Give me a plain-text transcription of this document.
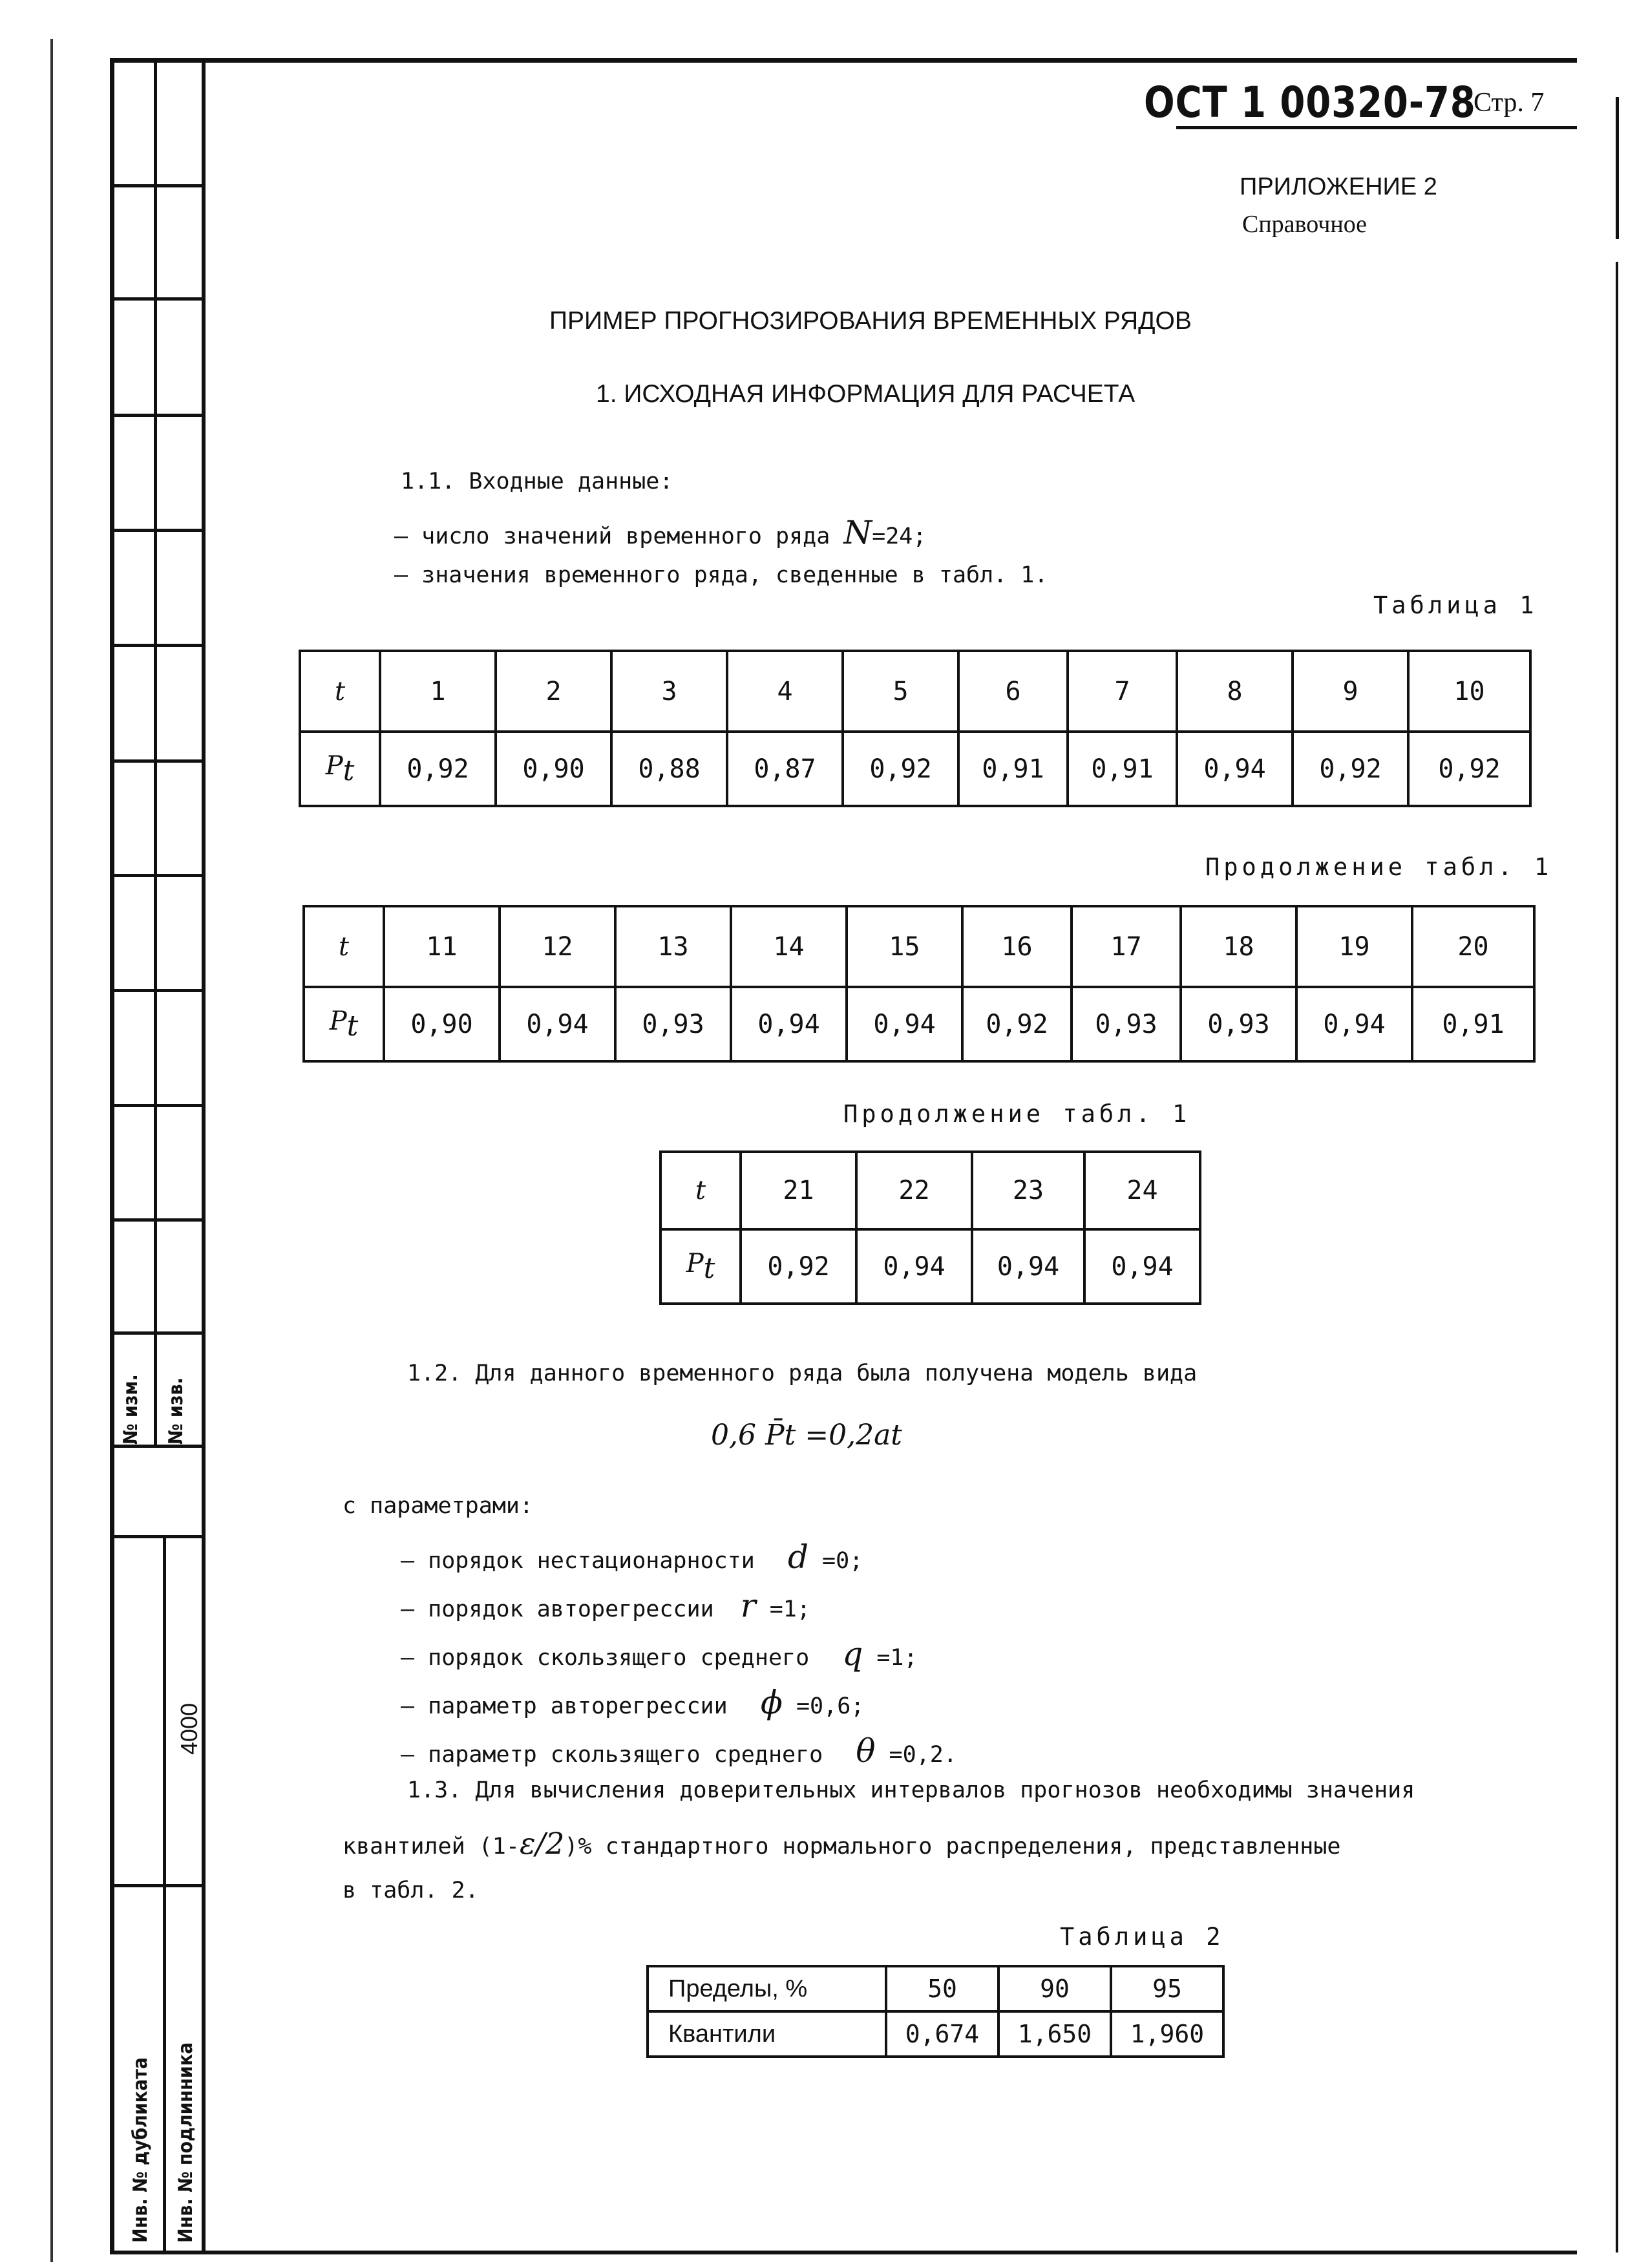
№ изм. № изв.
4000
Инв. № дубликата Инв. № подлинника
ОСТ 1 00320-78
Стр. 7
ПРИЛОЖЕНИЕ 2
Справочное
ПРИМЕР ПРОГНОЗИРОВАНИЯ ВРЕМЕННЫХ РЯДОВ
1. ИСХОДНАЯ ИНФОРМАЦИЯ ДЛЯ РАСЧЕТА
1.1. Входные данные:
– число значений временного ряда N=24;
– значения временного ряда, сведенные в табл. 1.
Таблица 1
t	1	2	3	4	5	6	7	8	9	10
$P_t$	0,92	0,90	0,88	0,87	0,92	0,91	0,91	0,94	0,92	0,92
Продолжение табл. 1
t	11	12	13	14	15	16	17	18	19	20
$P_t$	0,90	0,94	0,93	0,94	0,94	0,92	0,93	0,93	0,94	0,91
Продолжение табл. 1
t	21	22	23	24
$P_t$	0,92	0,94	0,94	0,94
1.2. Для данного временного ряда была получена модель вида
0,6 P̄t =0,2at
с параметрами:
– порядок нестационарности d =0;
– порядок авторегрессии r =1;
– порядок скользящего среднего q =1;
– параметр авторегрессии ϕ =0,6;
– параметр скользящего среднего θ =0,2.
1.3. Для вычисления доверительных интервалов прогнозов необходимы значения
квантилей (1-ε/2)% стандартного нормального распределения, представленные
в табл. 2.
Таблица 2
Пределы, %	50	90	95
Квантили	0,674	1,650	1,960
